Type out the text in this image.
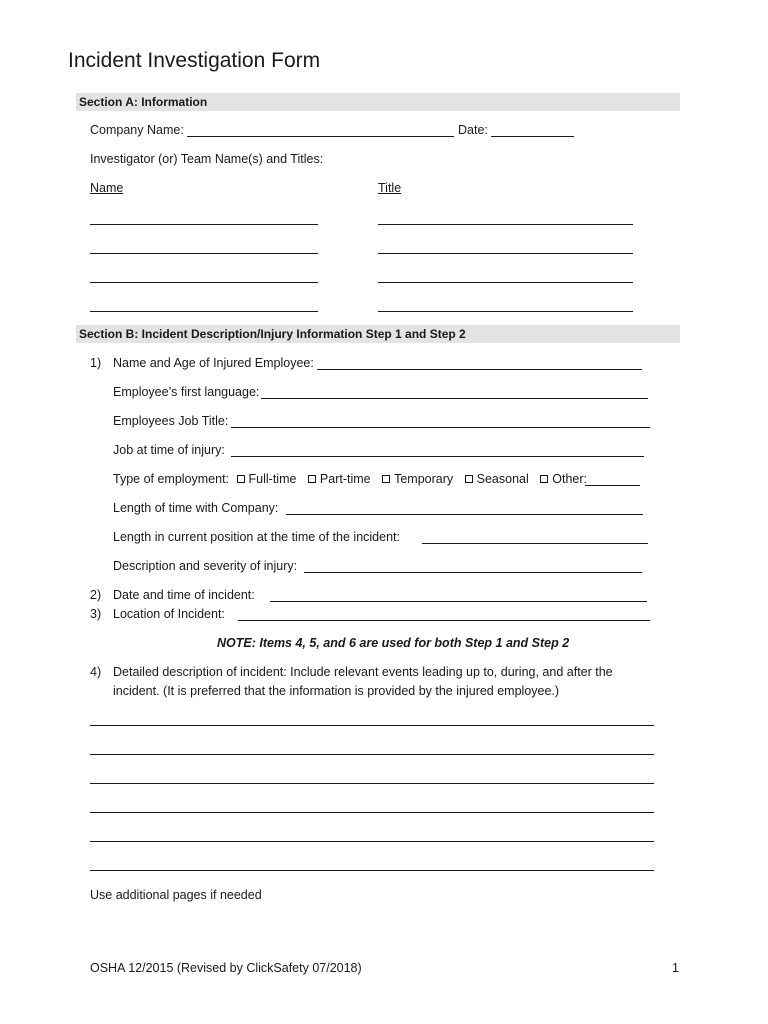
Incident Investigation Form
Section A: Information
Company Name:	Date:
Investigator (or) Team Name(s) and Titles:
Name	Title
Section B: Incident Description/Injury Information Step 1 and Step 2
1) Name and Age of Injured Employee:
Employee’s first language:
Employees Job Title:
Job at time of injury:
Type of employment: Full-time Part-time Temporary Seasonal Other:
Length of time with Company:
Length in current position at the time of the incident:
Description and severity of injury:
2) Date and time of incident:
3) Location of Incident:
NOTE: Items 4, 5, and 6 are used for both Step 1 and Step 2
4) Detailed description of incident: Include relevant events leading up to, during, and after the
incident. (It is preferred that the information is provided by the injured employee.)
Use additional pages if needed
OSHA 12/2015 (Revised by ClickSafety 07/2018)	1
